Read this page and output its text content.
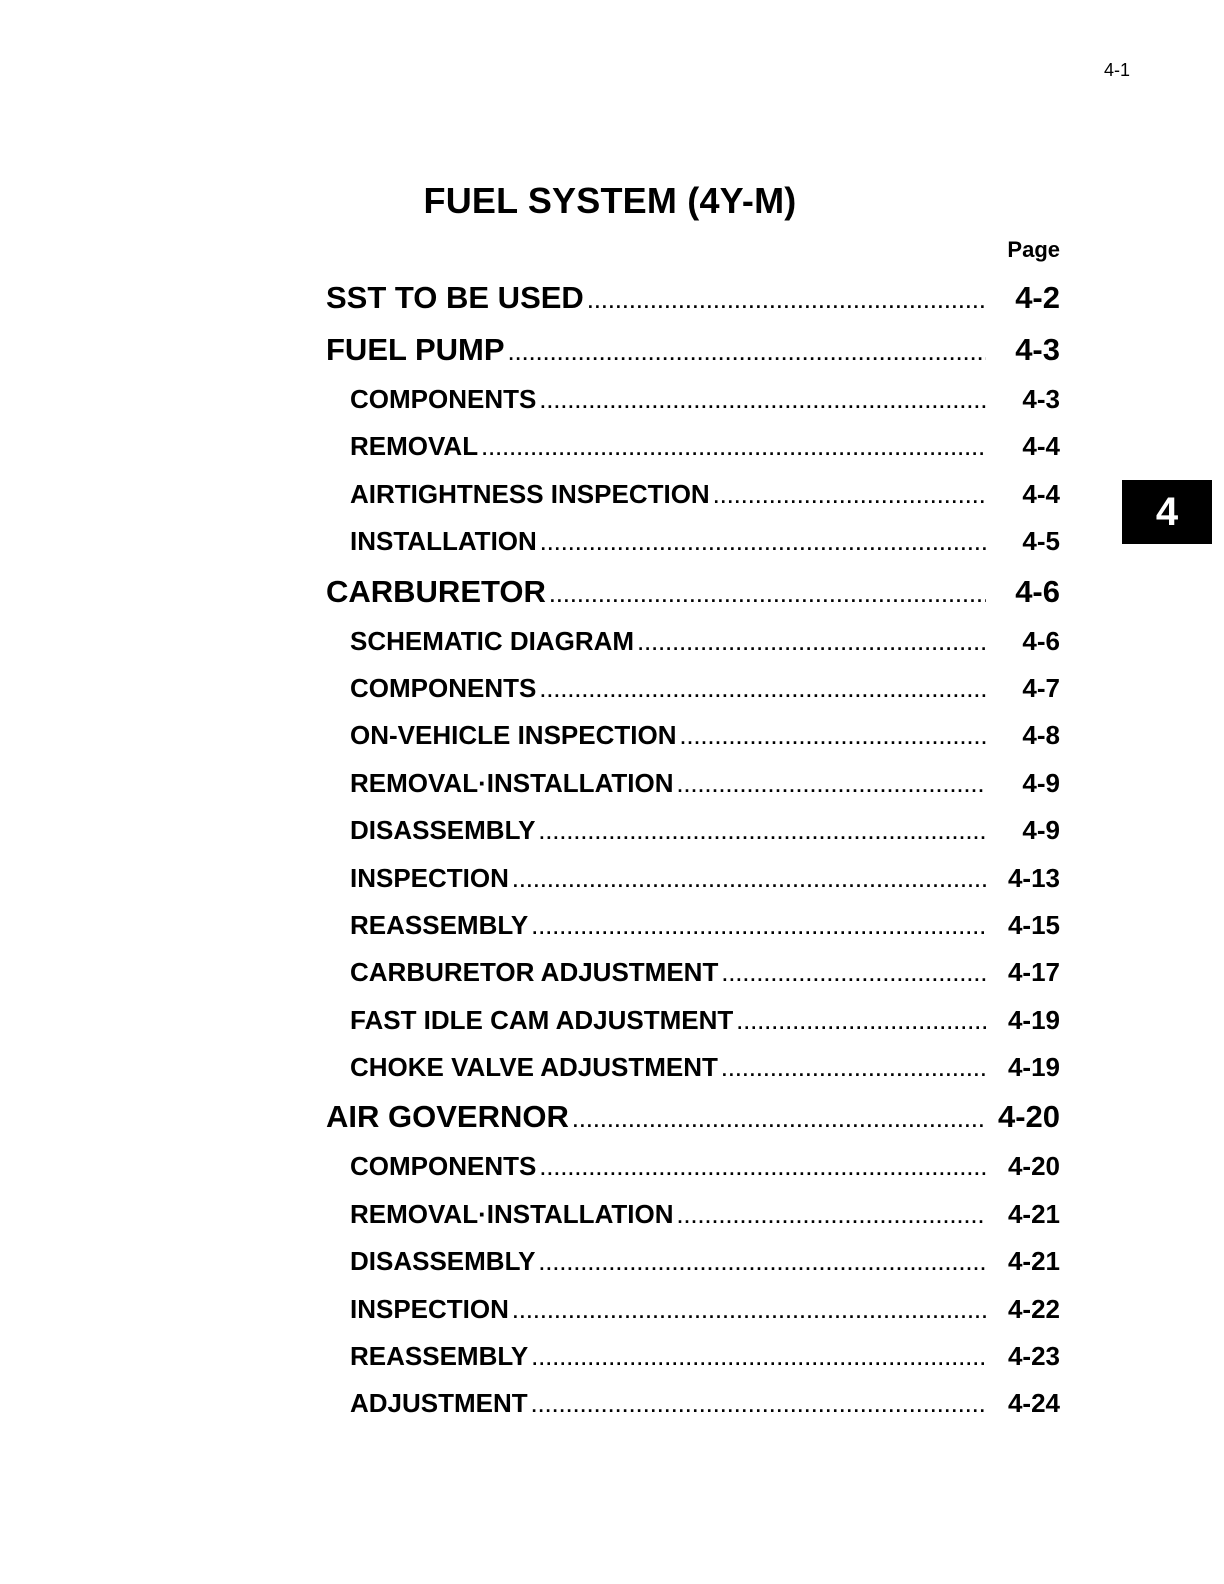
4-1
FUEL SYSTEM (4Y-M)
Page
4
SST TO BE USED .....	4-2
FUEL PUMP .....	4-3
COMPONENTS .....	4-3
REMOVAL .....	4-4
AIRTIGHTNESS INSPECTION .....	4-4
INSTALLATION .....	4-5
CARBURETOR .....	4-6
SCHEMATIC DIAGRAM .....	4-6
COMPONENTS .....	4-7
ON-VEHICLE INSPECTION .....	4-8
REMOVAL·INSTALLATION .....	4-9
DISASSEMBLY .....	4-9
INSPECTION .....	4-13
REASSEMBLY .....	4-15
CARBURETOR ADJUSTMENT .....	4-17
FAST IDLE CAM ADJUSTMENT .....	4-19
CHOKE VALVE ADJUSTMENT .....	4-19
AIR GOVERNOR .....	4-20
COMPONENTS .....	4-20
REMOVAL·INSTALLATION .....	4-21
DISASSEMBLY .....	4-21
INSPECTION .....	4-22
REASSEMBLY .....	4-23
ADJUSTMENT .....	4-24
